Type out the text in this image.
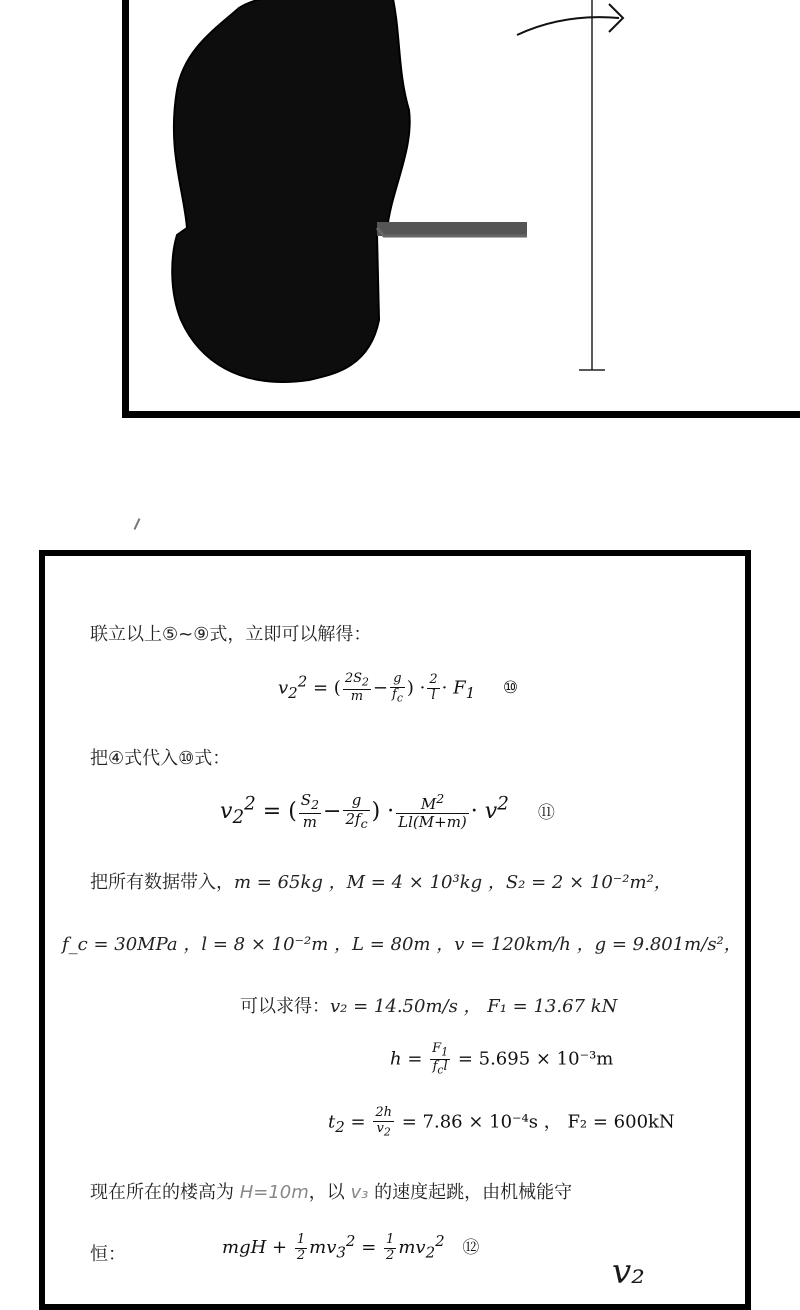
联立以上⑤~⑨式，立即可以解得：
$v_2^2$ = ( $\frac{2S_2}{m} - \frac{g}{f_c}$ ) · $\frac{2}{l} \cdot F_1$ ⑩
把④式代入⑩式：
$v_2^2$ = ( $\frac{S_2}{m} - \frac{g}{2f_c}$ ) · $\frac{M^2}{Ll(M+m)} \cdot v^2$ ⑪
把所有数据带入，m = 65kg ，M = 4 × 10³kg ，S₂ = 2 × 10⁻²m²，
f_c = 30MPa ，l = 8 × 10⁻²m ，L = 80m ，v = 120km/h ，g = 9.801m/s²，
可以求得：v₂ = 14.50m/s ， F₁ = 13.67 kN
$h = \frac{F_1}{f_cl} = 5.695 \times 10^{-3}m$
$t_2 = \frac{2h}{v_2} = 7.86 \times 10^{-4}s$ ， F₂ = 600kN
现在所在的楼高为 H=10m，以 v₃ 的速度起跳，由机械能守
恒：	mgH + $\frac{1}{2} mv_3^2 = \frac{1}{2} mv_2^2$ ⑫
v₂
